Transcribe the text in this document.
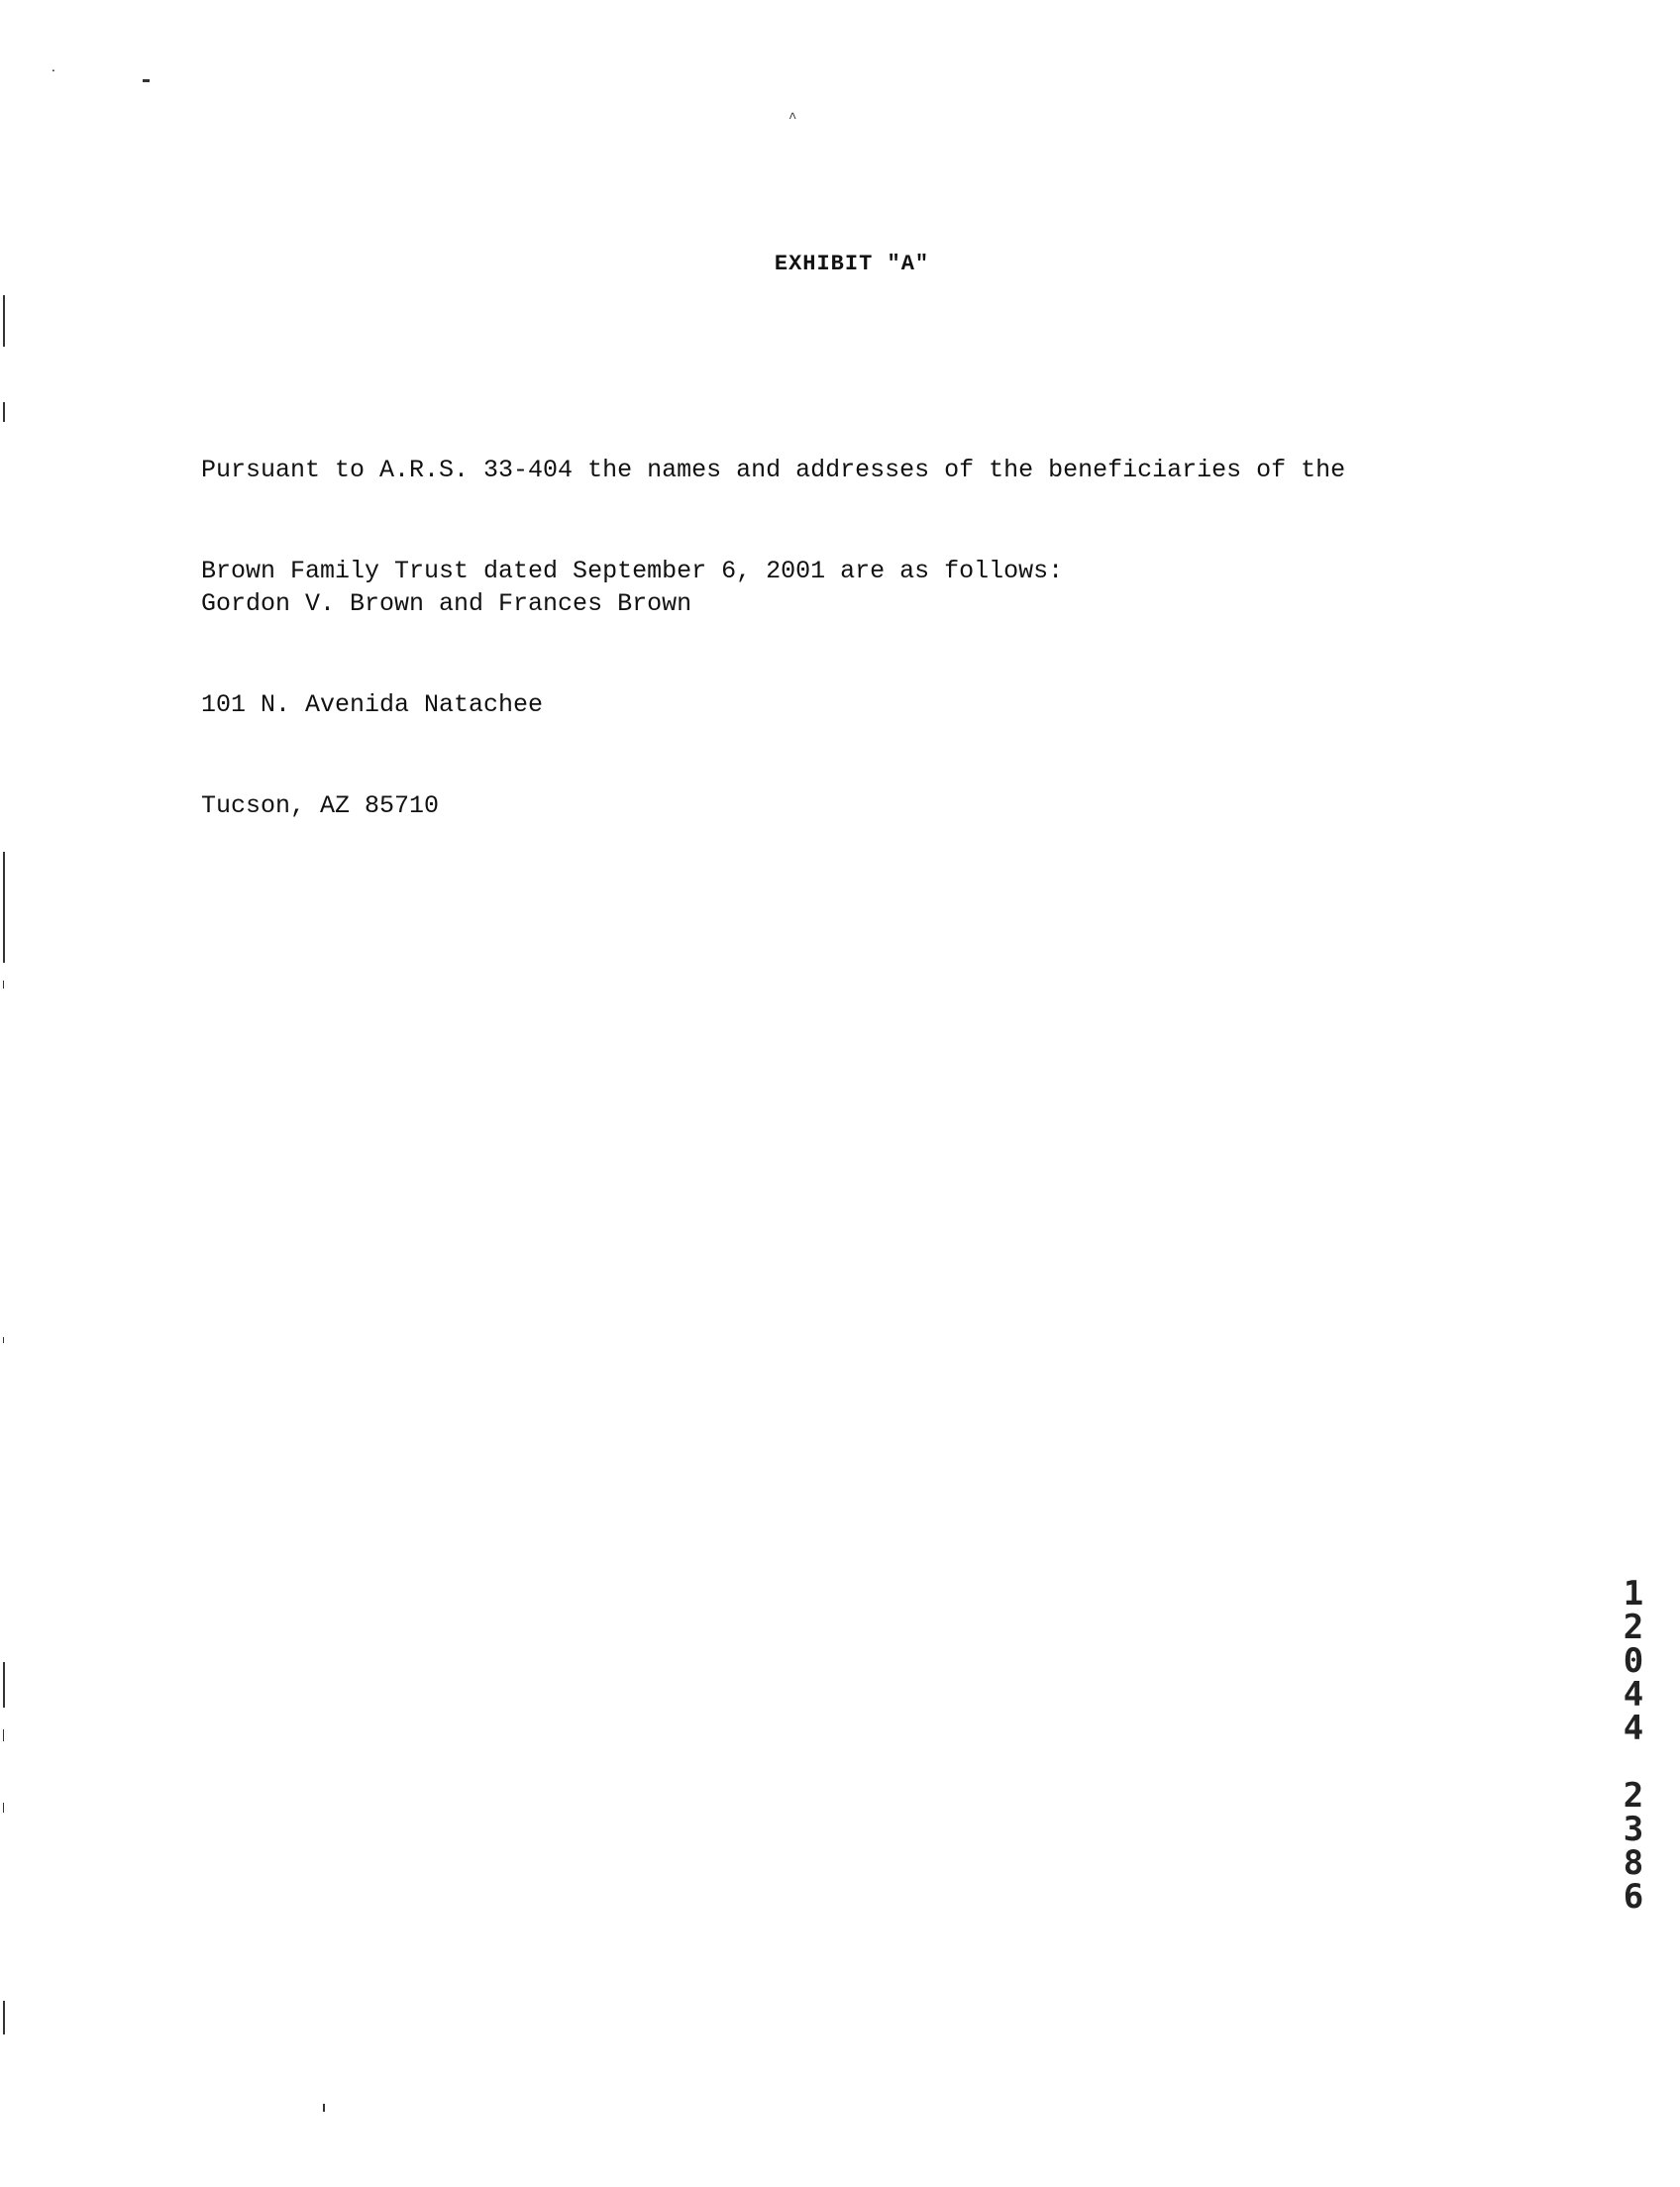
⸳
^
EXHIBIT "A"

Pursuant to A.R.S. 33-404 the names and addresses of the beneficiaries of the

Brown Family Trust dated September 6, 2001 are as follows:

Gordon V. Brown and Frances Brown

101 N. Avenida Natachee

Tucson, AZ 85710

1
2
0
4
4
2
3
8
6
